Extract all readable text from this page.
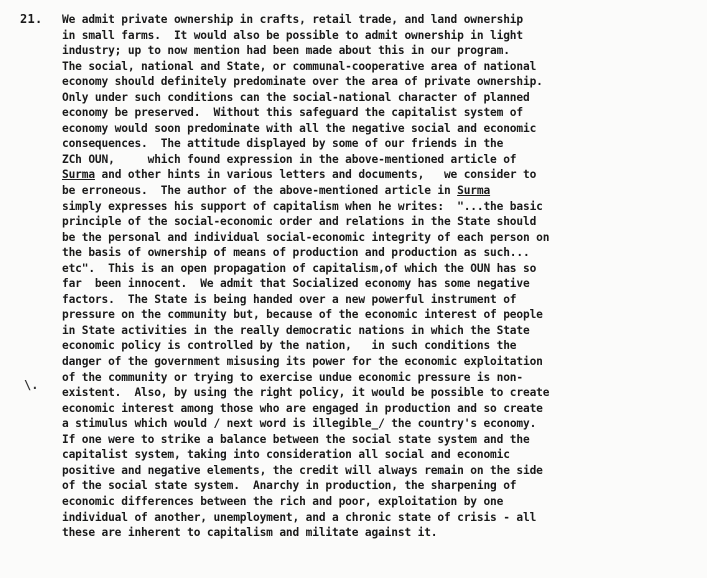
21.
\.
We admit private ownership in crafts, retail trade, and land ownership
in small farms.  It would also be possible to admit ownership in light
industry; up to now mention had been made about this in our program.
The social, national and State, or communal-cooperative area of national
economy should definitely predominate over the area of private ownership.
Only under such conditions can the social-national character of planned
economy be preserved.  Without this safeguard the capitalist system of
economy would soon predominate with all the negative social and economic
consequences.  The attitude displayed by some of our friends in the
ZCh OUN,     which found expression in the above-mentioned article of
Surma and other hints in various letters and documents,   we consider to
be erroneous.  The author of the above-mentioned article in Surma
simply expresses his support of capitalism when he writes:  "...the basic
principle of the social-economic order and relations in the State should
be the personal and individual social-economic integrity of each person on
the basis of ownership of means of production and production as such...
etc".  This is an open propagation of capitalism,of which the OUN has so
far  been innocent.  We admit that Socialized economy has some negative
factors.  The State is being handed over a new powerful instrument of
pressure on the community but, because of the economic interest of people
in State activities in the really democratic nations in which the State
economic policy is controlled by the nation,   in such conditions the
danger of the government misusing its power for the economic exploitation
of the community or trying to exercise undue economic pressure is non-
existent.  Also, by using the right policy, it would be possible to create
economic interest among those who are engaged in production and so create
a stimulus which would / next word is illegible_/ the country's economy.
If one were to strike a balance between the social state system and the
capitalist system, taking into consideration all social and economic
positive and negative elements, the credit will always remain on the side
of the social state system.  Anarchy in production, the sharpening of
economic differences between the rich and poor, exploitation by one
individual of another, unemployment, and a chronic state of crisis - all
these are inherent to capitalism and militate against it.
